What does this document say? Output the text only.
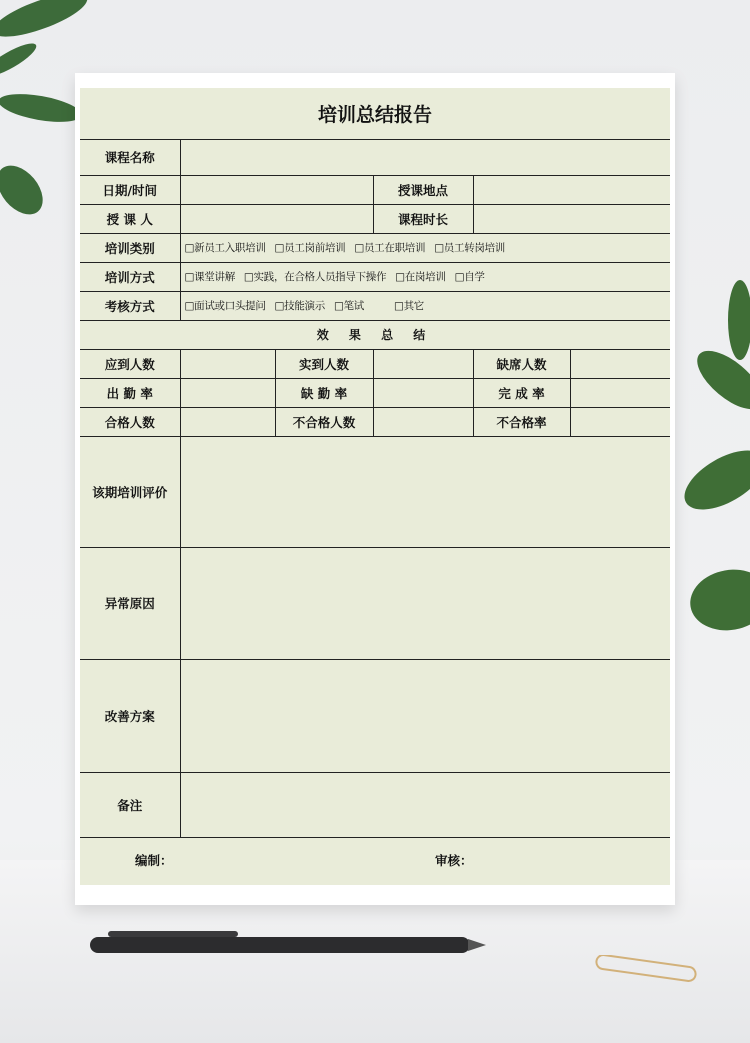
培训总结报告
课程名称					
日期/时间			授课地点		
授 课 人			课程时长		
培训类别	□新员工入职培训 □员工岗前培训 □员工在职培训 □员工转岗培训				
培训方式	□课堂讲解 □实践，在合格人员指导下操作 □在岗培训 □自学				
考核方式	□面试或口头提问 □技能演示 □笔试 □其它				
效 果 总 结					
应到人数		实到人数		缺席人数	
出 勤 率		缺 勤 率		完 成 率	
合格人数		不合格人数		不合格率	
该期培训评价					
异常原因					
改善方案					
备注					
编制：	审核：
